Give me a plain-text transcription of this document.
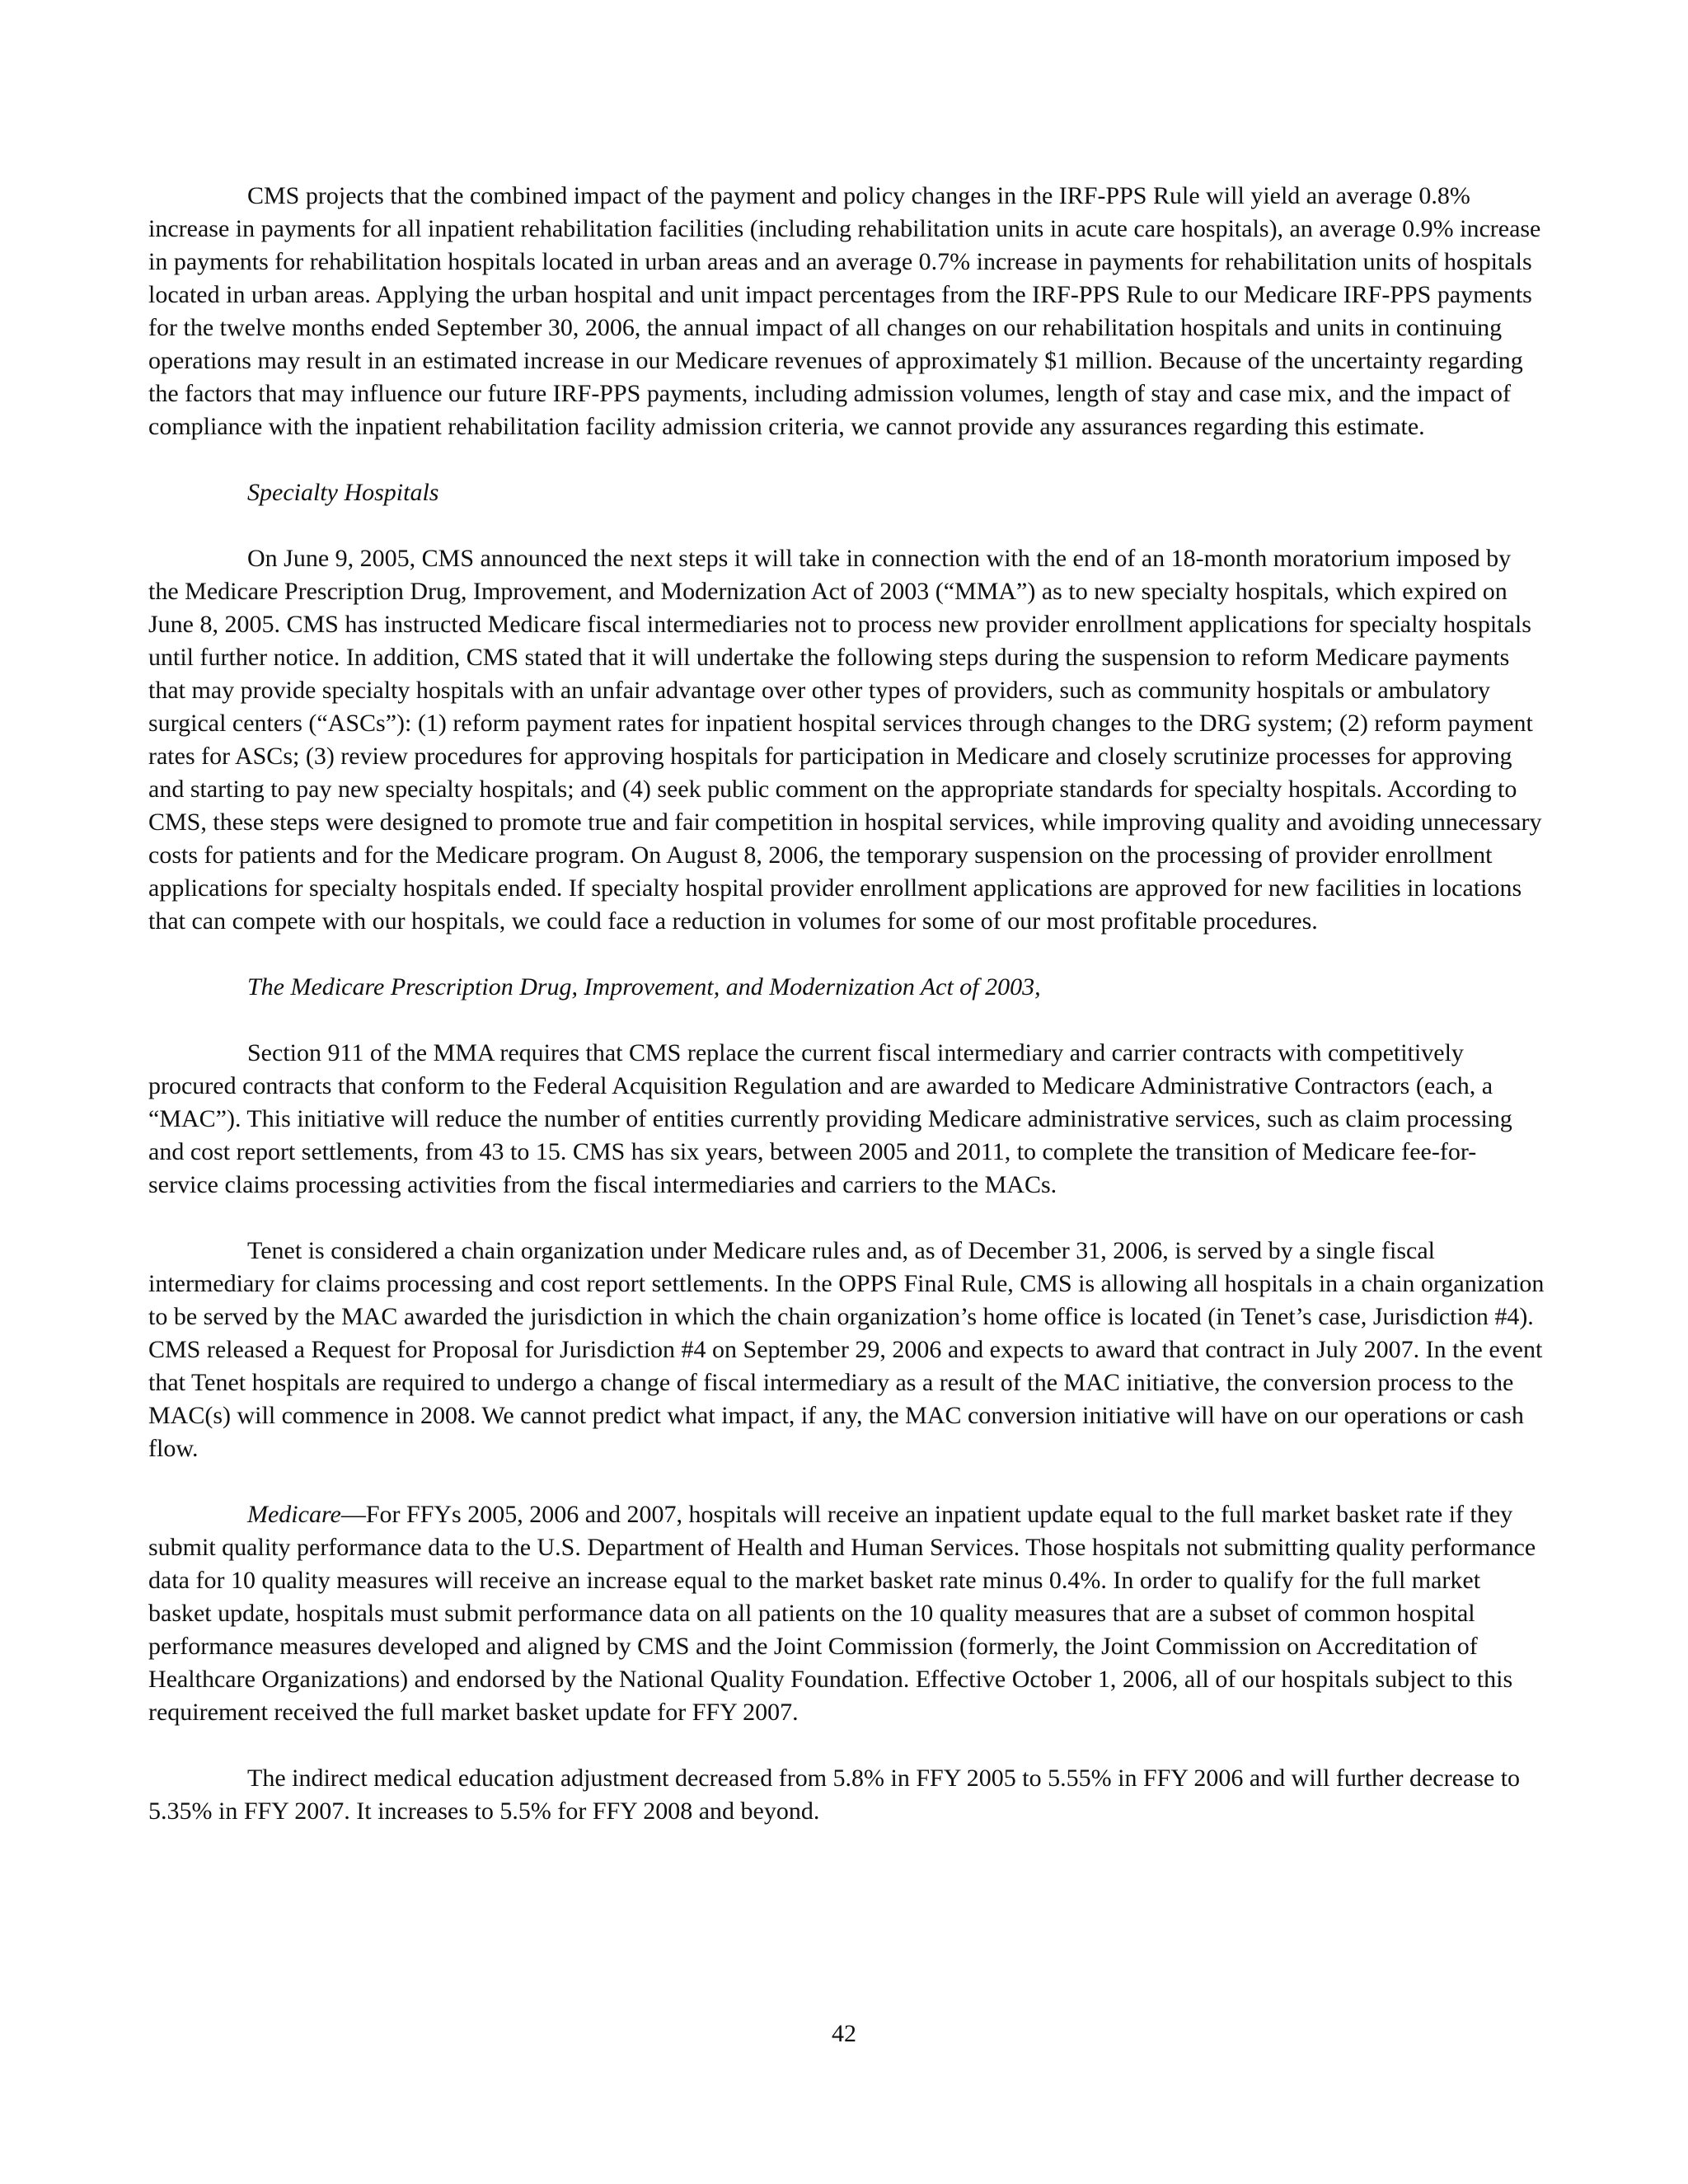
CMS projects that the combined impact of the payment and policy changes in the IRF-PPS Rule will yield an average 0.8% increase in payments for all inpatient rehabilitation facilities (including rehabilitation units in acute care hospitals), an average 0.9% increase in payments for rehabilitation hospitals located in urban areas and an average 0.7% increase in payments for rehabilitation units of hospitals located in urban areas. Applying the urban hospital and unit impact percentages from the IRF-PPS Rule to our Medicare IRF-PPS payments for the twelve months ended September 30, 2006, the annual impact of all changes on our rehabilitation hospitals and units in continuing operations may result in an estimated increase in our Medicare revenues of approximately $1 million. Because of the uncertainty regarding the factors that may influence our future IRF-PPS payments, including admission volumes, length of stay and case mix, and the impact of compliance with the inpatient rehabilitation facility admission criteria, we cannot provide any assurances regarding this estimate.

Specialty Hospitals

On June 9, 2005, CMS announced the next steps it will take in connection with the end of an 18-month moratorium imposed by the Medicare Prescription Drug, Improvement, and Modernization Act of 2003 (“MMA”) as to new specialty hospitals, which expired on June 8, 2005. CMS has instructed Medicare fiscal intermediaries not to process new provider enrollment applications for specialty hospitals until further notice. In addition, CMS stated that it will undertake the following steps during the suspension to reform Medicare payments that may provide specialty hospitals with an unfair advantage over other types of providers, such as community hospitals or ambulatory surgical centers (“ASCs”): (1) reform payment rates for inpatient hospital services through changes to the DRG system; (2) reform payment rates for ASCs; (3) review procedures for approving hospitals for participation in Medicare and closely scrutinize processes for approving and starting to pay new specialty hospitals; and (4) seek public comment on the appropriate standards for specialty hospitals. According to CMS, these steps were designed to promote true and fair competition in hospital services, while improving quality and avoiding unnecessary costs for patients and for the Medicare program. On August 8, 2006, the temporary suspension on the processing of provider enrollment applications for specialty hospitals ended. If specialty hospital provider enrollment applications are approved for new facilities in locations that can compete with our hospitals, we could face a reduction in volumes for some of our most profitable procedures.

The Medicare Prescription Drug, Improvement, and Modernization Act of 2003,

Section 911 of the MMA requires that CMS replace the current fiscal intermediary and carrier contracts with competitively procured contracts that conform to the Federal Acquisition Regulation and are awarded to Medicare Administrative Contractors (each, a “MAC”). This initiative will reduce the number of entities currently providing Medicare administrative services, such as claim processing and cost report settlements, from 43 to 15. CMS has six years, between 2005 and 2011, to complete the transition of Medicare fee-for-service claims processing activities from the fiscal intermediaries and carriers to the MACs.

Tenet is considered a chain organization under Medicare rules and, as of December 31, 2006, is served by a single fiscal intermediary for claims processing and cost report settlements. In the OPPS Final Rule, CMS is allowing all hospitals in a chain organization to be served by the MAC awarded the jurisdiction in which the chain organization’s home office is located (in Tenet’s case, Jurisdiction #4). CMS released a Request for Proposal for Jurisdiction #4 on September 29, 2006 and expects to award that contract in July 2007. In the event that Tenet hospitals are required to undergo a change of fiscal intermediary as a result of the MAC initiative, the conversion process to the MAC(s) will commence in 2008. We cannot predict what impact, if any, the MAC conversion initiative will have on our operations or cash flow.

Medicare—For FFYs 2005, 2006 and 2007, hospitals will receive an inpatient update equal to the full market basket rate if they submit quality performance data to the U.S. Department of Health and Human Services. Those hospitals not submitting quality performance data for 10 quality measures will receive an increase equal to the market basket rate minus 0.4%. In order to qualify for the full market basket update, hospitals must submit performance data on all patients on the 10 quality measures that are a subset of common hospital performance measures developed and aligned by CMS and the Joint Commission (formerly, the Joint Commission on Accreditation of Healthcare Organizations) and endorsed by the National Quality Foundation. Effective October 1, 2006, all of our hospitals subject to this requirement received the full market basket update for FFY 2007.

The indirect medical education adjustment decreased from 5.8% in FFY 2005 to 5.55% in FFY 2006 and will further decrease to 5.35% in FFY 2007. It increases to 5.5% for FFY 2008 and beyond.

42
